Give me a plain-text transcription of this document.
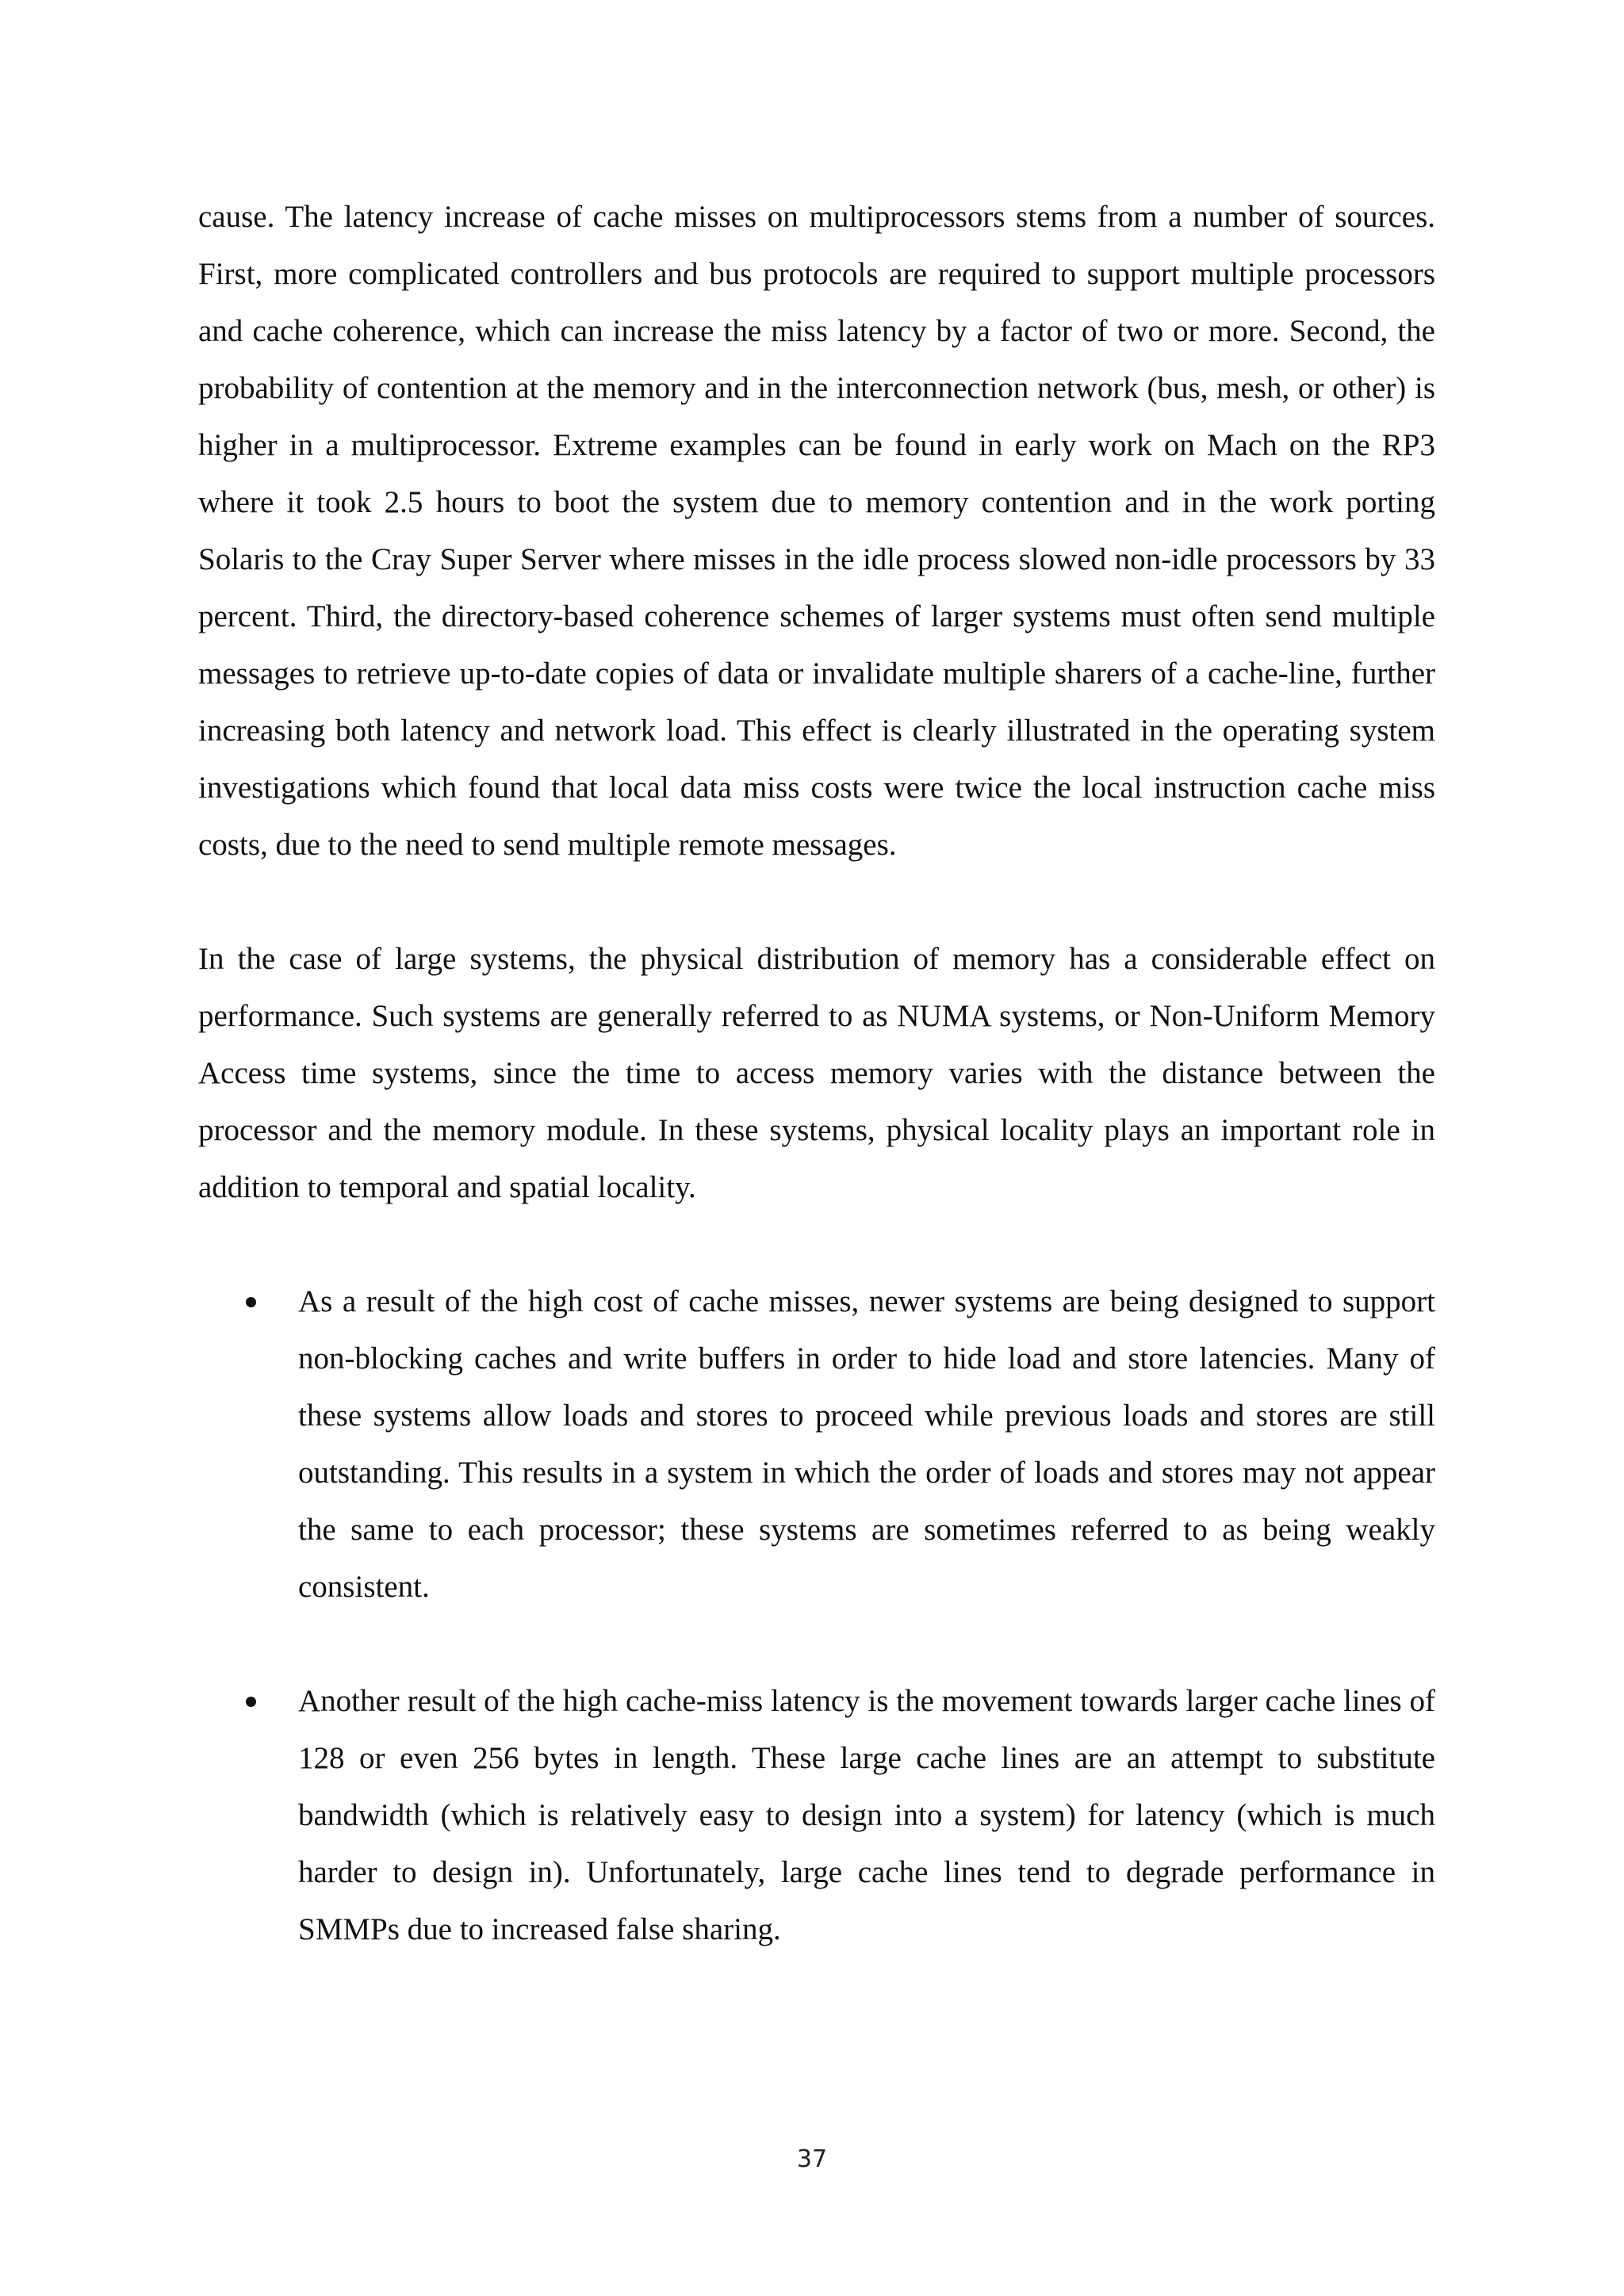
cause. The latency increase of cache misses on multiprocessors stems from a number of sources. First, more complicated controllers and bus protocols are required to support multiple processors and cache coherence, which can increase the miss latency by a factor of two or more. Second, the probability of contention at the memory and in the interconnection network (bus, mesh, or other) is higher in a multiprocessor. Extreme examples can be found in early work on Mach on the RP3 where it took 2.5 hours to boot the system due to memory contention and in the work porting Solaris to the Cray Super Server where misses in the idle process slowed non-idle processors by 33 percent. Third, the directory-based coherence schemes of larger systems must often send multiple messages to retrieve up-to-date copies of data or invalidate multiple sharers of a cache-line, further increasing both latency and network load. This effect is clearly illustrated in the operating system investigations which found that local data miss costs were twice the local instruction cache miss costs, due to the need to send multiple remote messages.

In the case of large systems, the physical distribution of memory has a considerable effect on performance. Such systems are generally referred to as NUMA systems, or Non-Uniform Memory Access time systems, since the time to access memory varies with the distance between the processor and the memory module. In these systems, physical locality plays an important role in addition to temporal and spatial locality.

As a result of the high cost of cache misses, newer systems are being designed to support non-blocking caches and write buffers in order to hide load and store latencies. Many of these systems allow loads and stores to proceed while previous loads and stores are still outstanding. This results in a system in which the order of loads and stores may not appear the same to each processor; these systems are sometimes referred to as being weakly consistent.
Another result of the high cache-miss latency is the movement towards larger cache lines of 128 or even 256 bytes in length. These large cache lines are an attempt to substitute bandwidth (which is relatively easy to design into a system) for latency (which is much harder to design in). Unfortunately, large cache lines tend to degrade performance in SMMPs due to increased false sharing.
37
